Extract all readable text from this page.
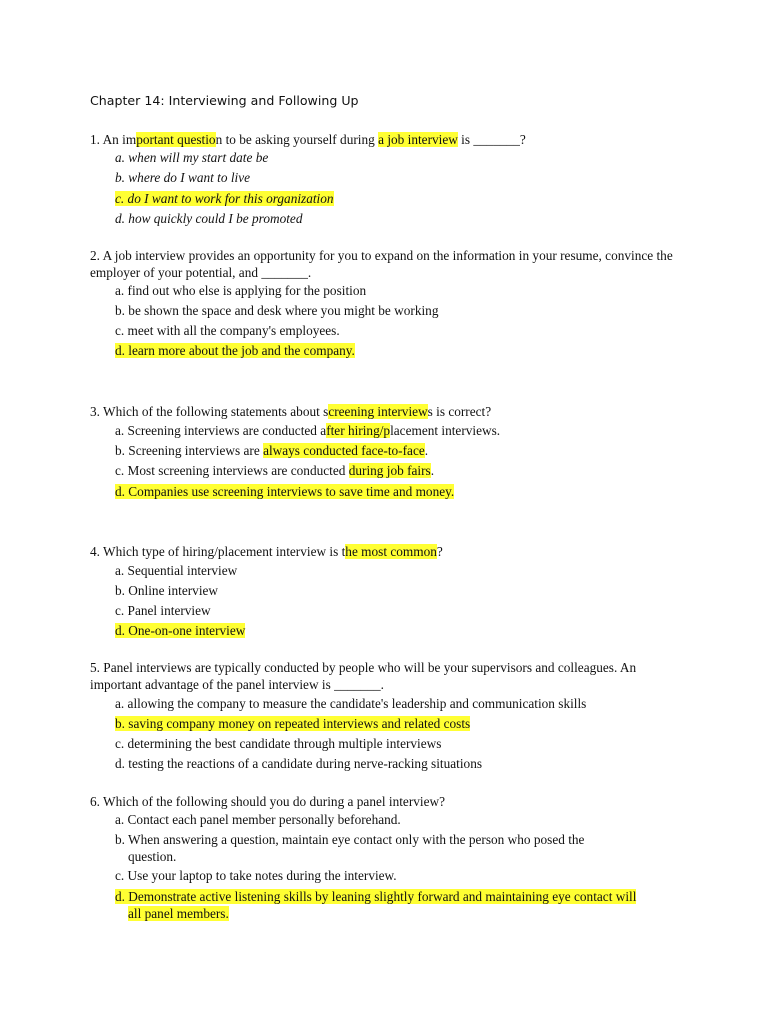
Chapter 14: Interviewing and Following Up
1. An important question to be asking yourself during a job interview is _______?
a. when will my start date be
b. where do I want to live
c. do I want to work for this organization
d. how quickly could I be promoted
2. A job interview provides an opportunity for you to expand on the information in your resume, convince the employer of your potential, and _______.
a. find out who else is applying for the position
b. be shown the space and desk where you might be working
c. meet with all the company's employees.
d. learn more about the job and the company.
3. Which of the following statements about screening interviews is correct?
a. Screening interviews are conducted after hiring/placement interviews.
b. Screening interviews are always conducted face-to-face.
c. Most screening interviews are conducted during job fairs.
d. Companies use screening interviews to save time and money.
4. Which type of hiring/placement interview is the most common?
a. Sequential interview
b. Online interview
c. Panel interview
d. One-on-one interview
5. Panel interviews are typically conducted by people who will be your supervisors and colleagues. An important advantage of the panel interview is _______.
a. allowing the company to measure the candidate's leadership and communication skills
b. saving company money on repeated interviews and related costs
c. determining the best candidate through multiple interviews
d. testing the reactions of a candidate during nerve-racking situations
6. Which of the following should you do during a panel interview?
a. Contact each panel member personally beforehand.
b. When answering a question, maintain eye contact only with the person who posed the question.
c. Use your laptop to take notes during the interview.
d. Demonstrate active listening skills by leaning slightly forward and maintaining eye contact will all panel members.
